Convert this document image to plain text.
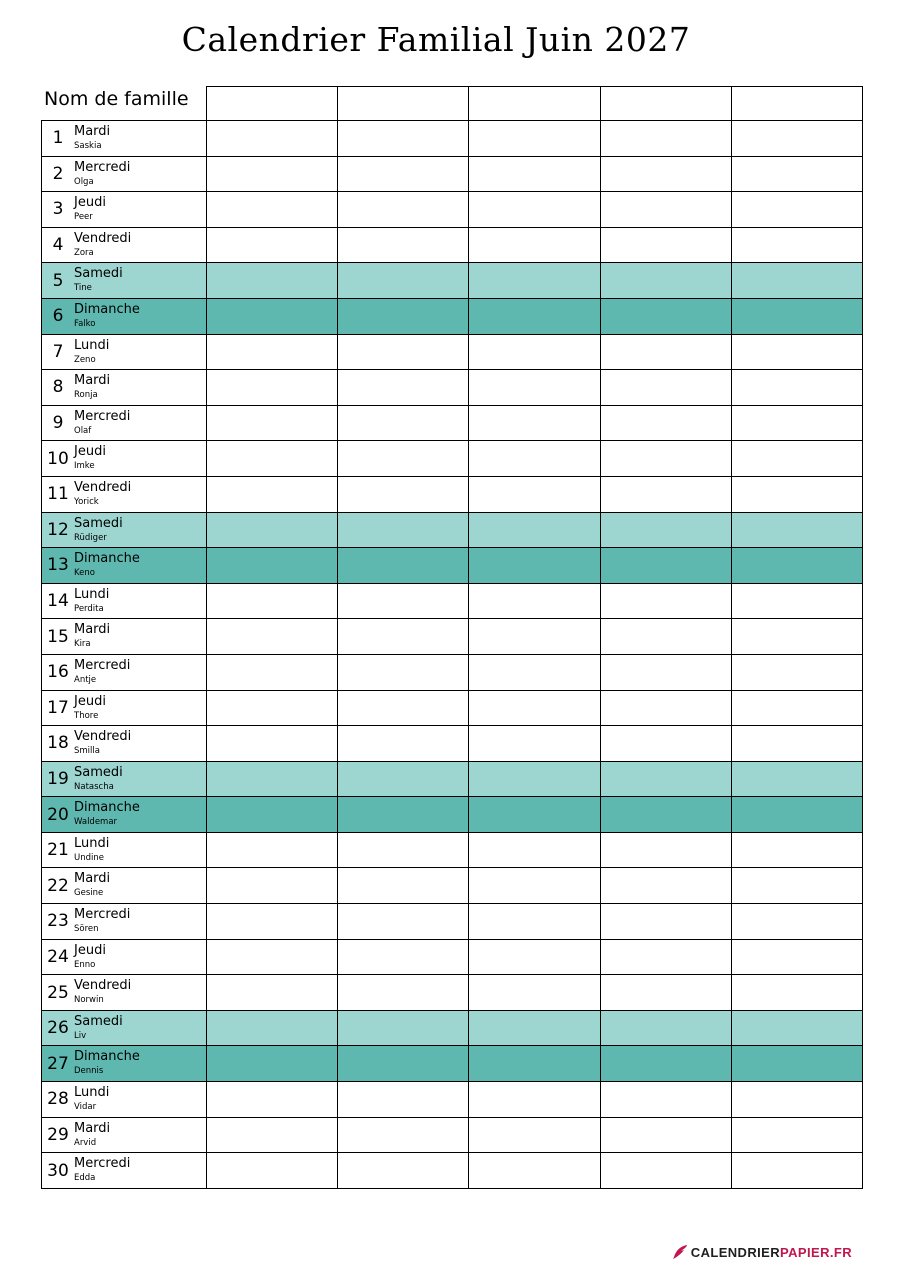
Calendrier Familial Juin 2027
Nom de famille
1 Mardi
Saskia
2 Mercredi
Olga
3 Jeudi
Peer
4 Vendredi
Zora
5 Samedi
Tine
6 Dimanche
Falko
7 Lundi
Zeno
8 Mardi
Ronja
9 Mercredi
Olaf
10 Jeudi
Imke
11 Vendredi
Yorick
12 Samedi
Rüdiger
13 Dimanche
Keno
14 Lundi
Perdita
15 Mardi
Kira
16 Mercredi
Antje
17 Jeudi
Thore
18 Vendredi
Smilla
19 Samedi
Natascha
20 Dimanche
Waldemar
21 Lundi
Undine
22 Mardi
Gesine
23 Mercredi
Sören
24 Jeudi
Enno
25 Vendredi
Norwin
26 Samedi
Liv
27 Dimanche
Dennis
28 Lundi
Vidar
29 Mardi
Arvid
30 Mercredi
Edda
CALENDRIER PAPIER.FR
